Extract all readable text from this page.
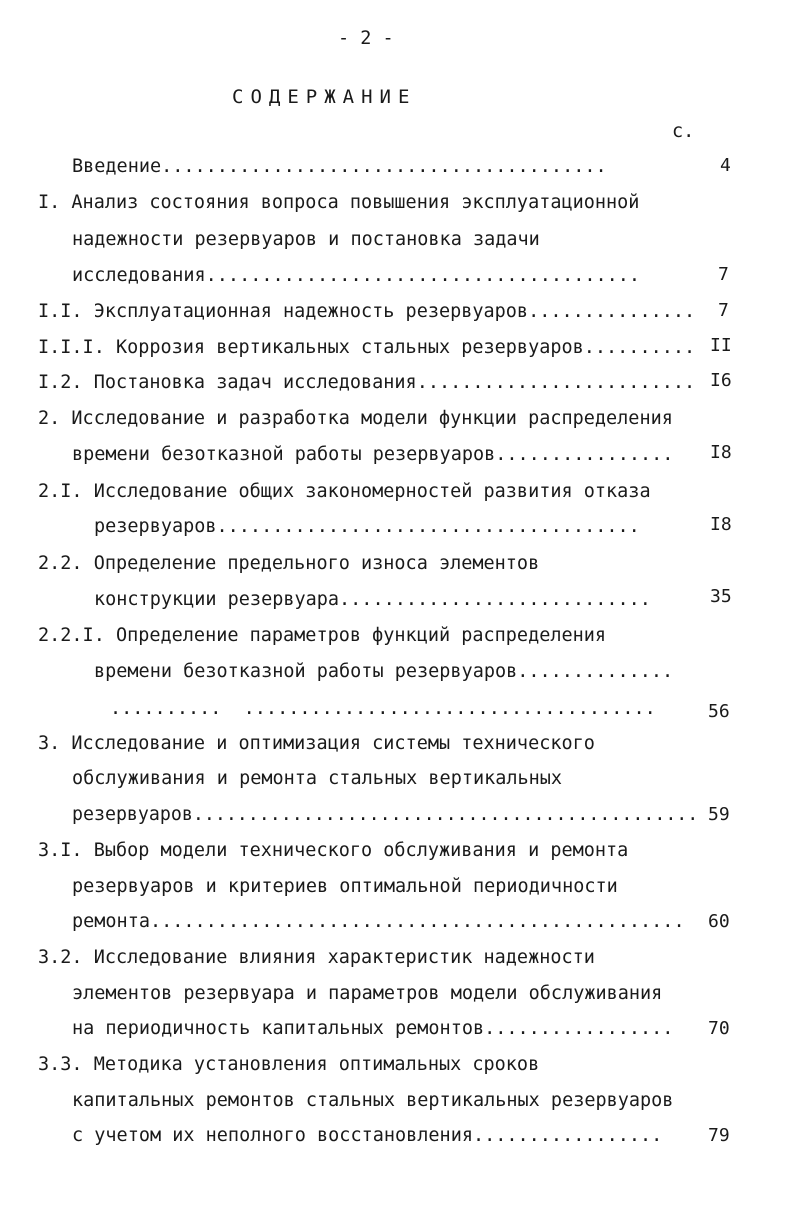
- 2 -
СОДЕРЖАНИЕ
с.
Введение........................................	4
I. Анализ состояния вопроса повышения эксплуатационной
надежности резервуаров и постановка задачи
исследования.......................................	7
I.I. Эксплуатационная надежность резервуаров............... 7
I.I.I. Коррозия вертикальных стальных резервуаров.......... II
I.2. Постановка задач исследования......................... I6
2. Исследование и разработка модели функции распределения
времени безотказной работы резервуаров................ I8
2.I. Исследование общих закономерностей развития отказа
резервуаров......................................	I8
2.2. Определение предельного износа элементов
конструкции резервуара............................	35
2.2.I. Определение параметров функций распределения
времени безотказной работы резервуаров..............
..........  .....................................	56
3. Исследование и оптимизация системы технического
обслуживания и ремонта стальных вертикальных
резервуаров.............................................. 59
3.I. Выбор модели технического обслуживания и ремонта
резервуаров и критериев оптимальной периодичности
ремонта................................................ 60
3.2. Исследование влияния характеристик надежности
элементов резервуара и параметров модели обслуживания
на периодичность капитальных ремонтов................. 70
3.3. Методика установления оптимальных сроков
капитальных ремонтов стальных вертикальных резервуаров
с учетом их неполного восстановления.................	79
